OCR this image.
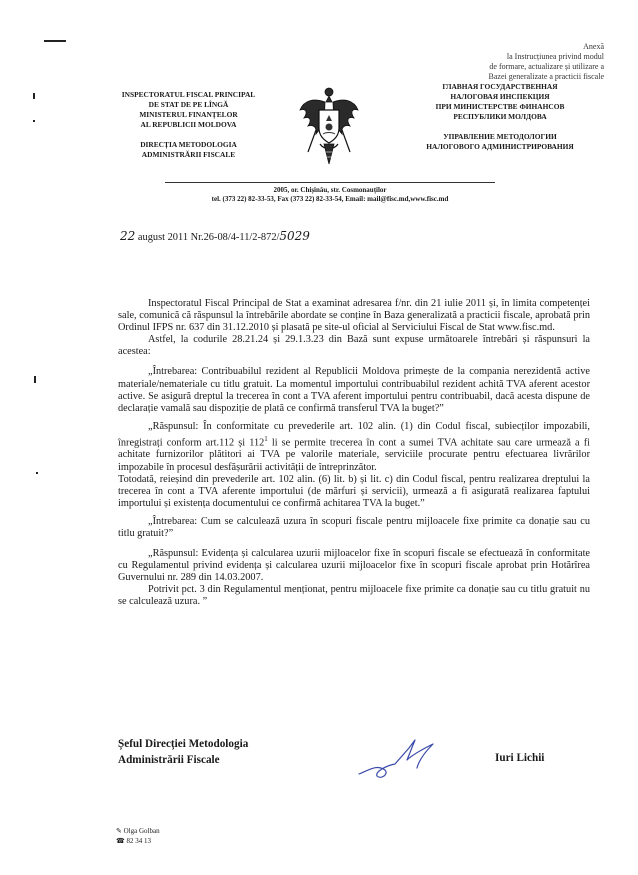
Anexă
la Instrucțiunea privind modul
de formare, actualizare și utilizare a
Bazei generalizate a practicii fiscale
INSPECTORATUL FISCAL PRINCIPAL
DE STAT DE PE LÎNGĂ
MINISTERUL FINANȚELOR
AL REPUBLICII MOLDOVA
DIRECȚIA METODOLOGIA
ADMINISTRĂRII FISCALE
ГЛАВНАЯ ГОСУДАРСТВЕННАЯ
НАЛОГОВАЯ ИНСПЕКЦИЯ
ПРИ МИНИСТЕРСТВЕ ФИНАНСОВ
РЕСПУБЛИКИ МОЛДОВА
УПРАВЛЕНИЕ МЕТОДОЛОГИИ
НАЛОГОВОГО АДМИНИСТРИРОВАНИЯ
2005, or. Chișinău, str. Cosmonauților
tel. (373 22) 82-33-53, Fax (373 22) 82-33-54, Email: mail@fisc.md,www.fisc.md
22 august 2011 Nr.26-08/4-11/2-872/5029

Inspectoratul Fiscal Principal de Stat a examinat adresarea f/nr. din 21 iulie 2011 și, în limita competenței sale, comunică că răspunsul la întrebările abordate se conține în Baza generalizată a practicii fiscale, aprobată prin Ordinul IFPS nr. 637 din 31.12.2010 și plasată pe site-ul oficial al Serviciului Fiscal de Stat www.fisc.md.

Astfel, la codurile 28.21.24 și 29.1.3.23 din Bază sunt expuse următoarele întrebări și răspunsuri la acestea:

„Întrebarea: Contribuabilul rezident al Republicii Moldova primește de la compania nerezidentă active materiale/nemateriale cu titlu gratuit. La momentul importului contribuabilul rezident achită TVA aferent acestor active. Se asigură dreptul la trecerea în cont a TVA aferent importului pentru contribuabil, dacă acesta dispune de declarație vamală sau dispoziție de plată ce confirmă transferul TVA la buget?”

„Răspunsul: În conformitate cu prevederile art. 102 alin. (1) din Codul fiscal, subiecților impozabili, înregistrați conform art.112 și $112^1$ li se permite trecerea în cont a sumei TVA achitate sau care urmează a fi achitate furnizorilor plătitori ai TVA pe valorile materiale, serviciile procurate pentru efectuarea livrărilor impozabile în procesul desfășurării activității de întreprinzător.

Totodată, reieșind din prevederile art. 102 alin. (6) lit. b) și lit. c) din Codul fiscal, pentru realizarea dreptului la trecerea în cont a TVA aferente importului (de mărfuri și servicii), urmează a fi asigurată realizarea faptului importului și existența documentului ce confirmă achitarea TVA la buget.”

„Întrebarea: Cum se calculează uzura în scopuri fiscale pentru mijloacele fixe primite ca donație sau cu titlu gratuit?”

„Răspunsul: Evidența și calcularea uzurii mijloacelor fixe în scopuri fiscale se efectuează în conformitate cu Regulamentul privind evidența și calcularea uzurii mijloacelor fixe în scopuri fiscale aprobat prin Hotărîrea Guvernului nr. 289 din 14.03.2007.

Potrivit pct. 3 din Regulamentul menționat, pentru mijloacele fixe primite ca donație sau cu titlu gratuit nu se calculează uzura. ”

Șeful Direcției Metodologia
Administrării Fiscale	Iuri Lichii
✎ Olga Golban
☎ 82 34 13
